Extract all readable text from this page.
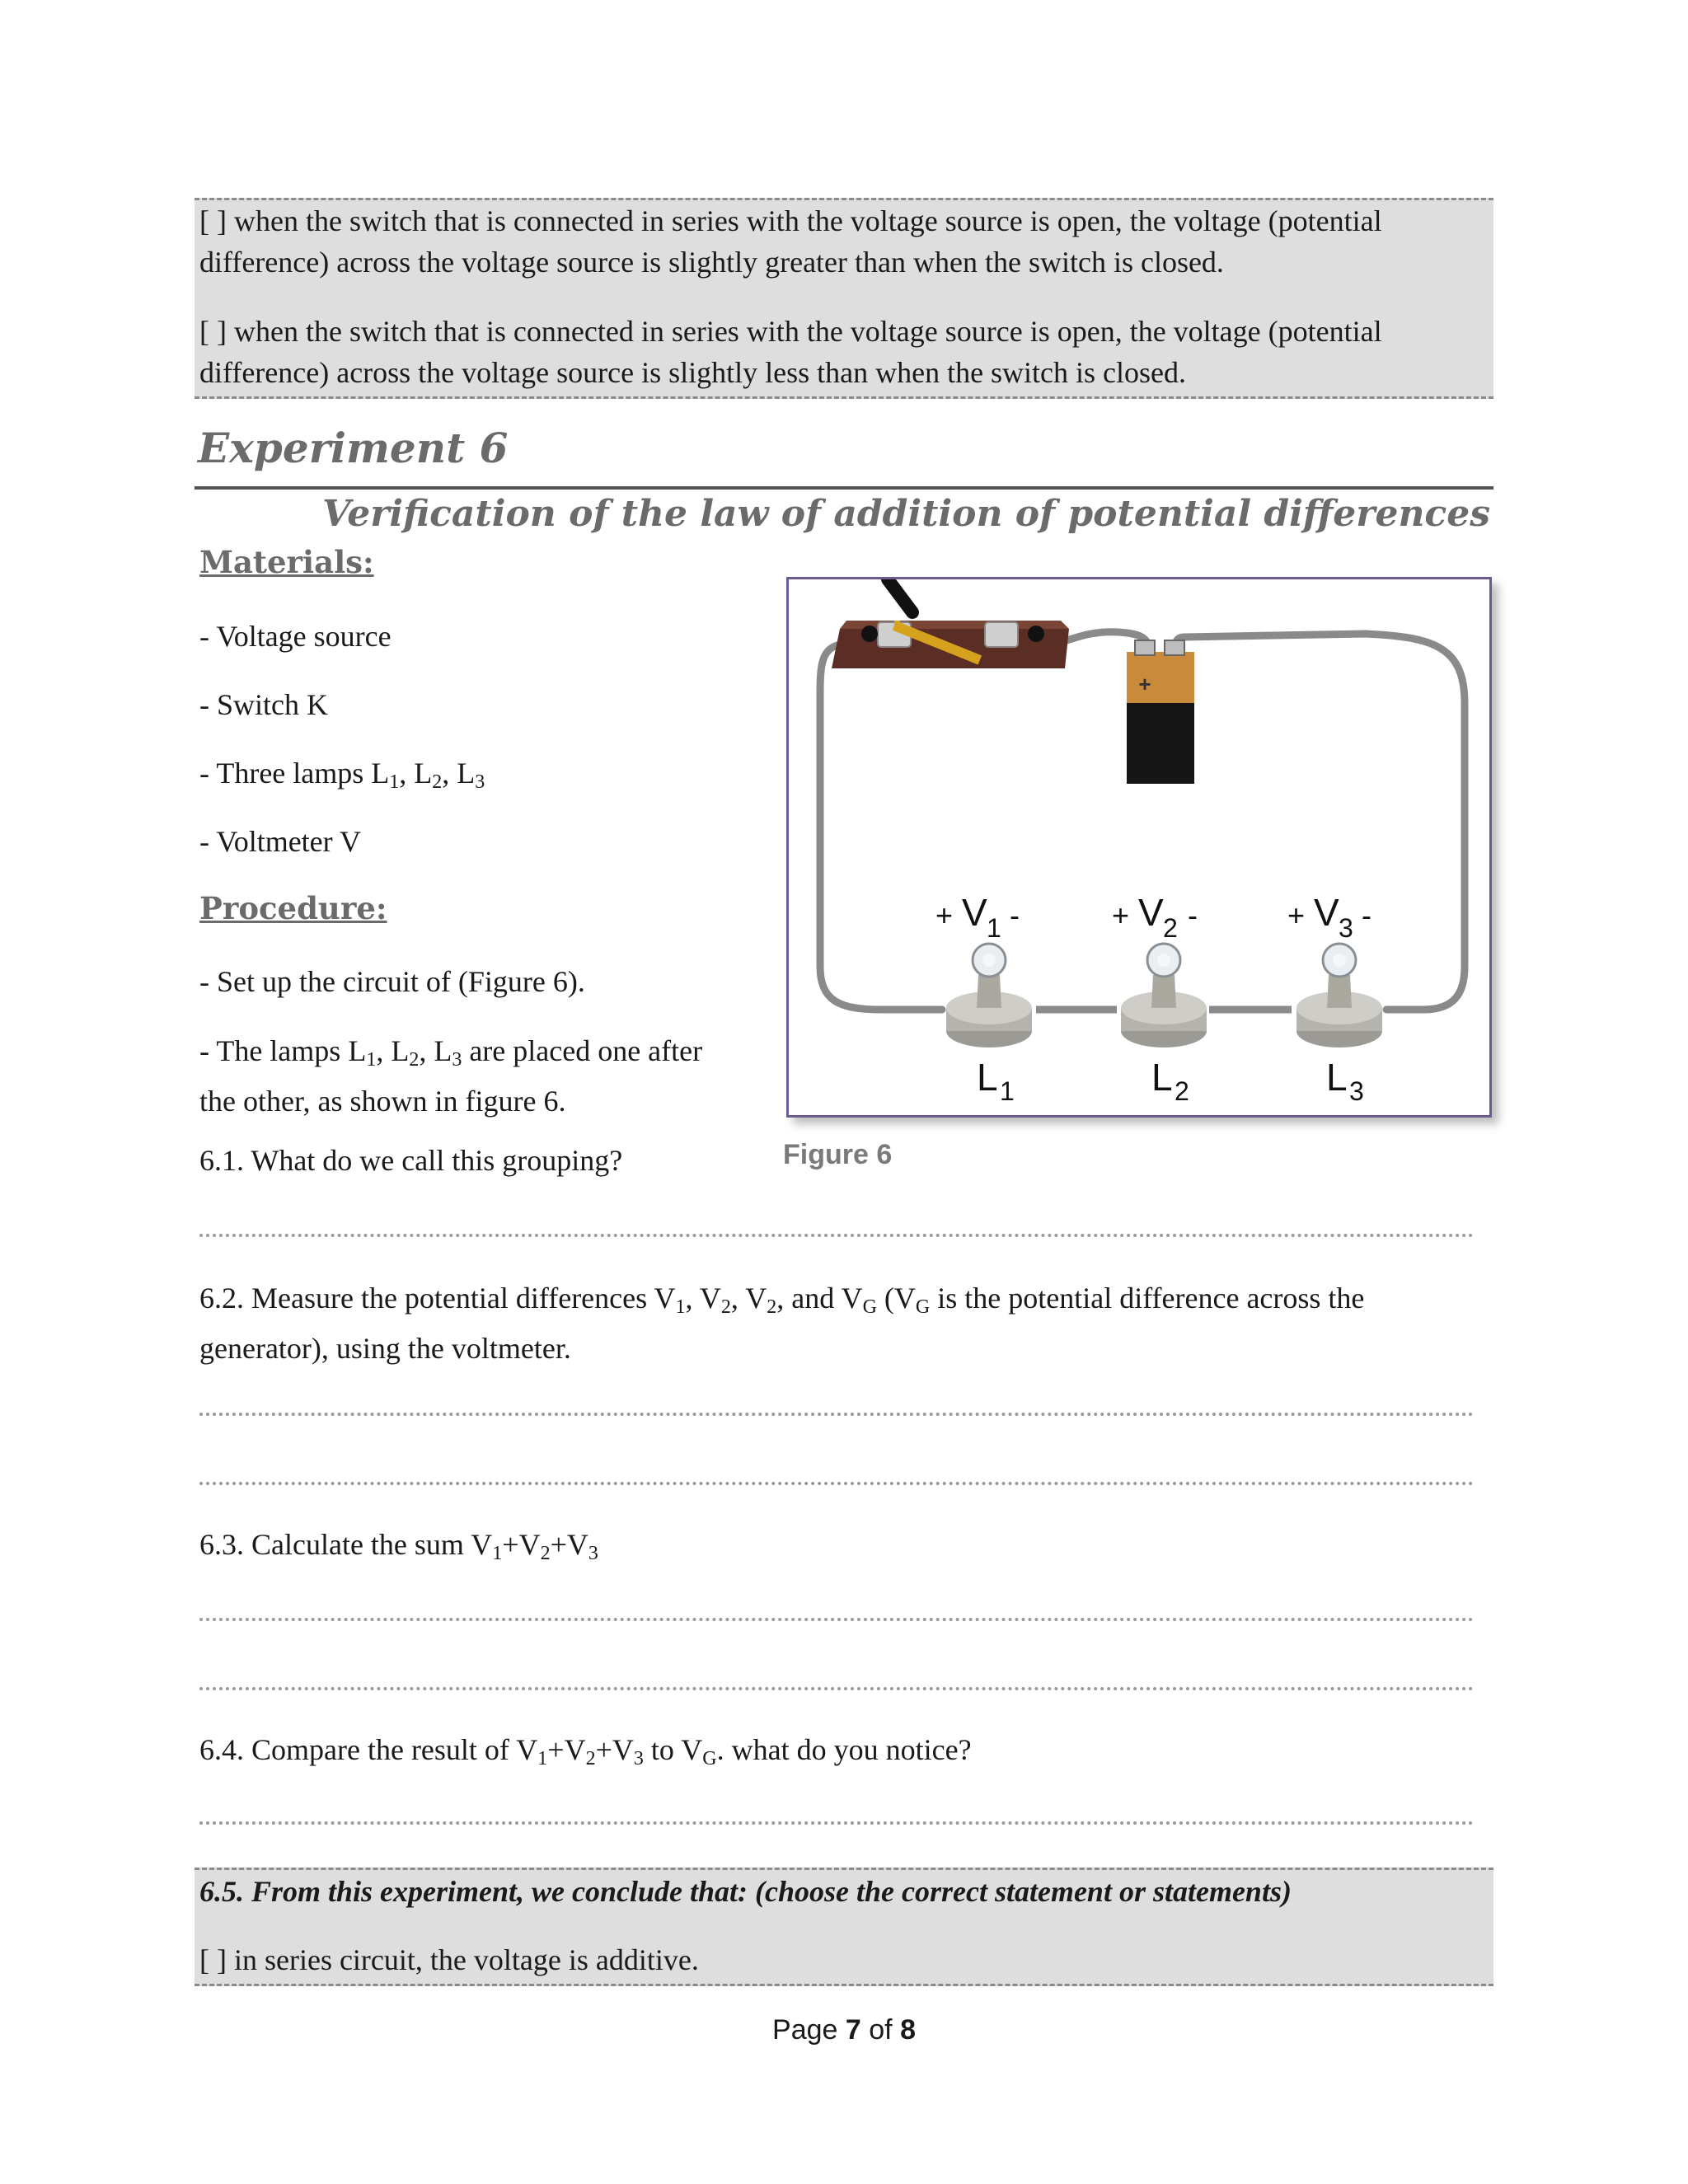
[ ] when the switch that is connected in series with the voltage source is open, the voltage (potential difference) across the voltage source is slightly greater than when the switch is closed.
[ ] when the switch that is connected in series with the voltage source is open, the voltage (potential difference) across the voltage source is slightly less than when the switch is closed.
Experiment 6
Verification of the law of addition of potential differences
Materials:
- Voltage source
- Switch K
- Three lamps $L_1$, $L_2$, $L_3$
- Voltmeter V
Procedure:
- Set up the circuit of (Figure 6).
- The lamps $L_1$, $L_2$, $L_3$ are placed one after
the other, as shown in figure 6.
+
+ V 1 -	+ V 2 -	+ V 3 -
L 1	L 2	L 3
Figure 6
6.1. What do we call this grouping?
6.2. Measure the potential differences $V_1$, $V_2$, $V_2$, and $V_G$ ($V_G$ is the potential difference across the
generator), using the voltmeter.
6.3. Calculate the sum $V_1+V_2+V_3$
6.4. Compare the result of $V_1+V_2+V_3$ to $V_G$. what do you notice?
6.5. From this experiment, we conclude that: (choose the correct statement or statements)
[ ] in series circuit, the voltage is additive.
Page 7 of 8
